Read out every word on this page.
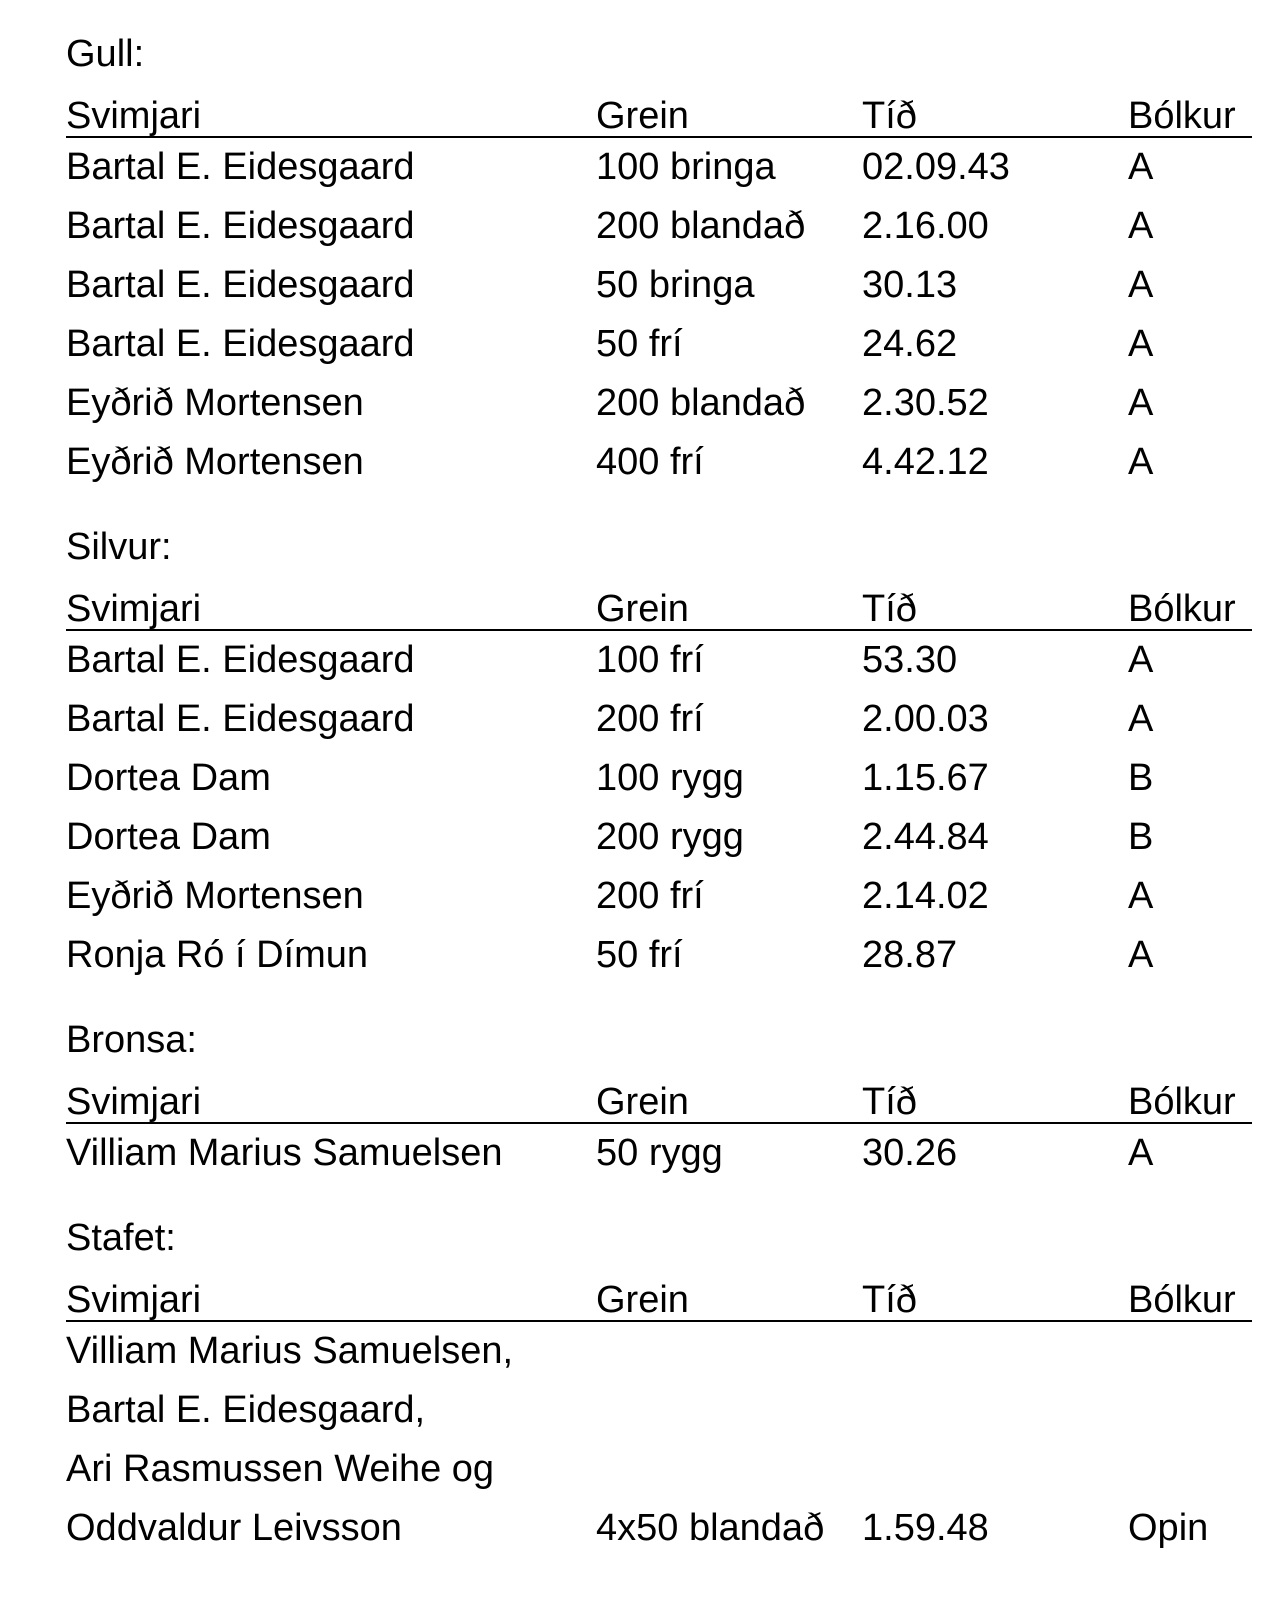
Gull:
Svimjari	Grein	Tíð	Bólkur
Bartal E. Eidesgaard	100 bringa	02.09.43	A
Bartal E. Eidesgaard	200 blandað	2.16.00	A
Bartal E. Eidesgaard	50 bringa	30.13	A
Bartal E. Eidesgaard	50 frí	24.62	A
Eyðrið Mortensen	200 blandað	2.30.52	A
Eyðrið Mortensen	400 frí	4.42.12	A
Silvur:
Svimjari	Grein	Tíð	Bólkur
Bartal E. Eidesgaard	100 frí	53.30	A
Bartal E. Eidesgaard	200 frí	2.00.03	A
Dortea Dam	100 rygg	1.15.67	B
Dortea Dam	200 rygg	2.44.84	B
Eyðrið Mortensen	200 frí	2.14.02	A
Ronja Ró í Dímun	50 frí	28.87	A
Bronsa:
Svimjari	Grein	Tíð	Bólkur
Villiam Marius Samuelsen	50 rygg	30.26	A
Stafet:
Svimjari	Grein	Tíð	Bólkur
Villiam Marius Samuelsen,
Bartal E. Eidesgaard,
Ari Rasmussen Weihe og
Oddvaldur Leivsson	4x50 blandað 1.59.48	Opin
